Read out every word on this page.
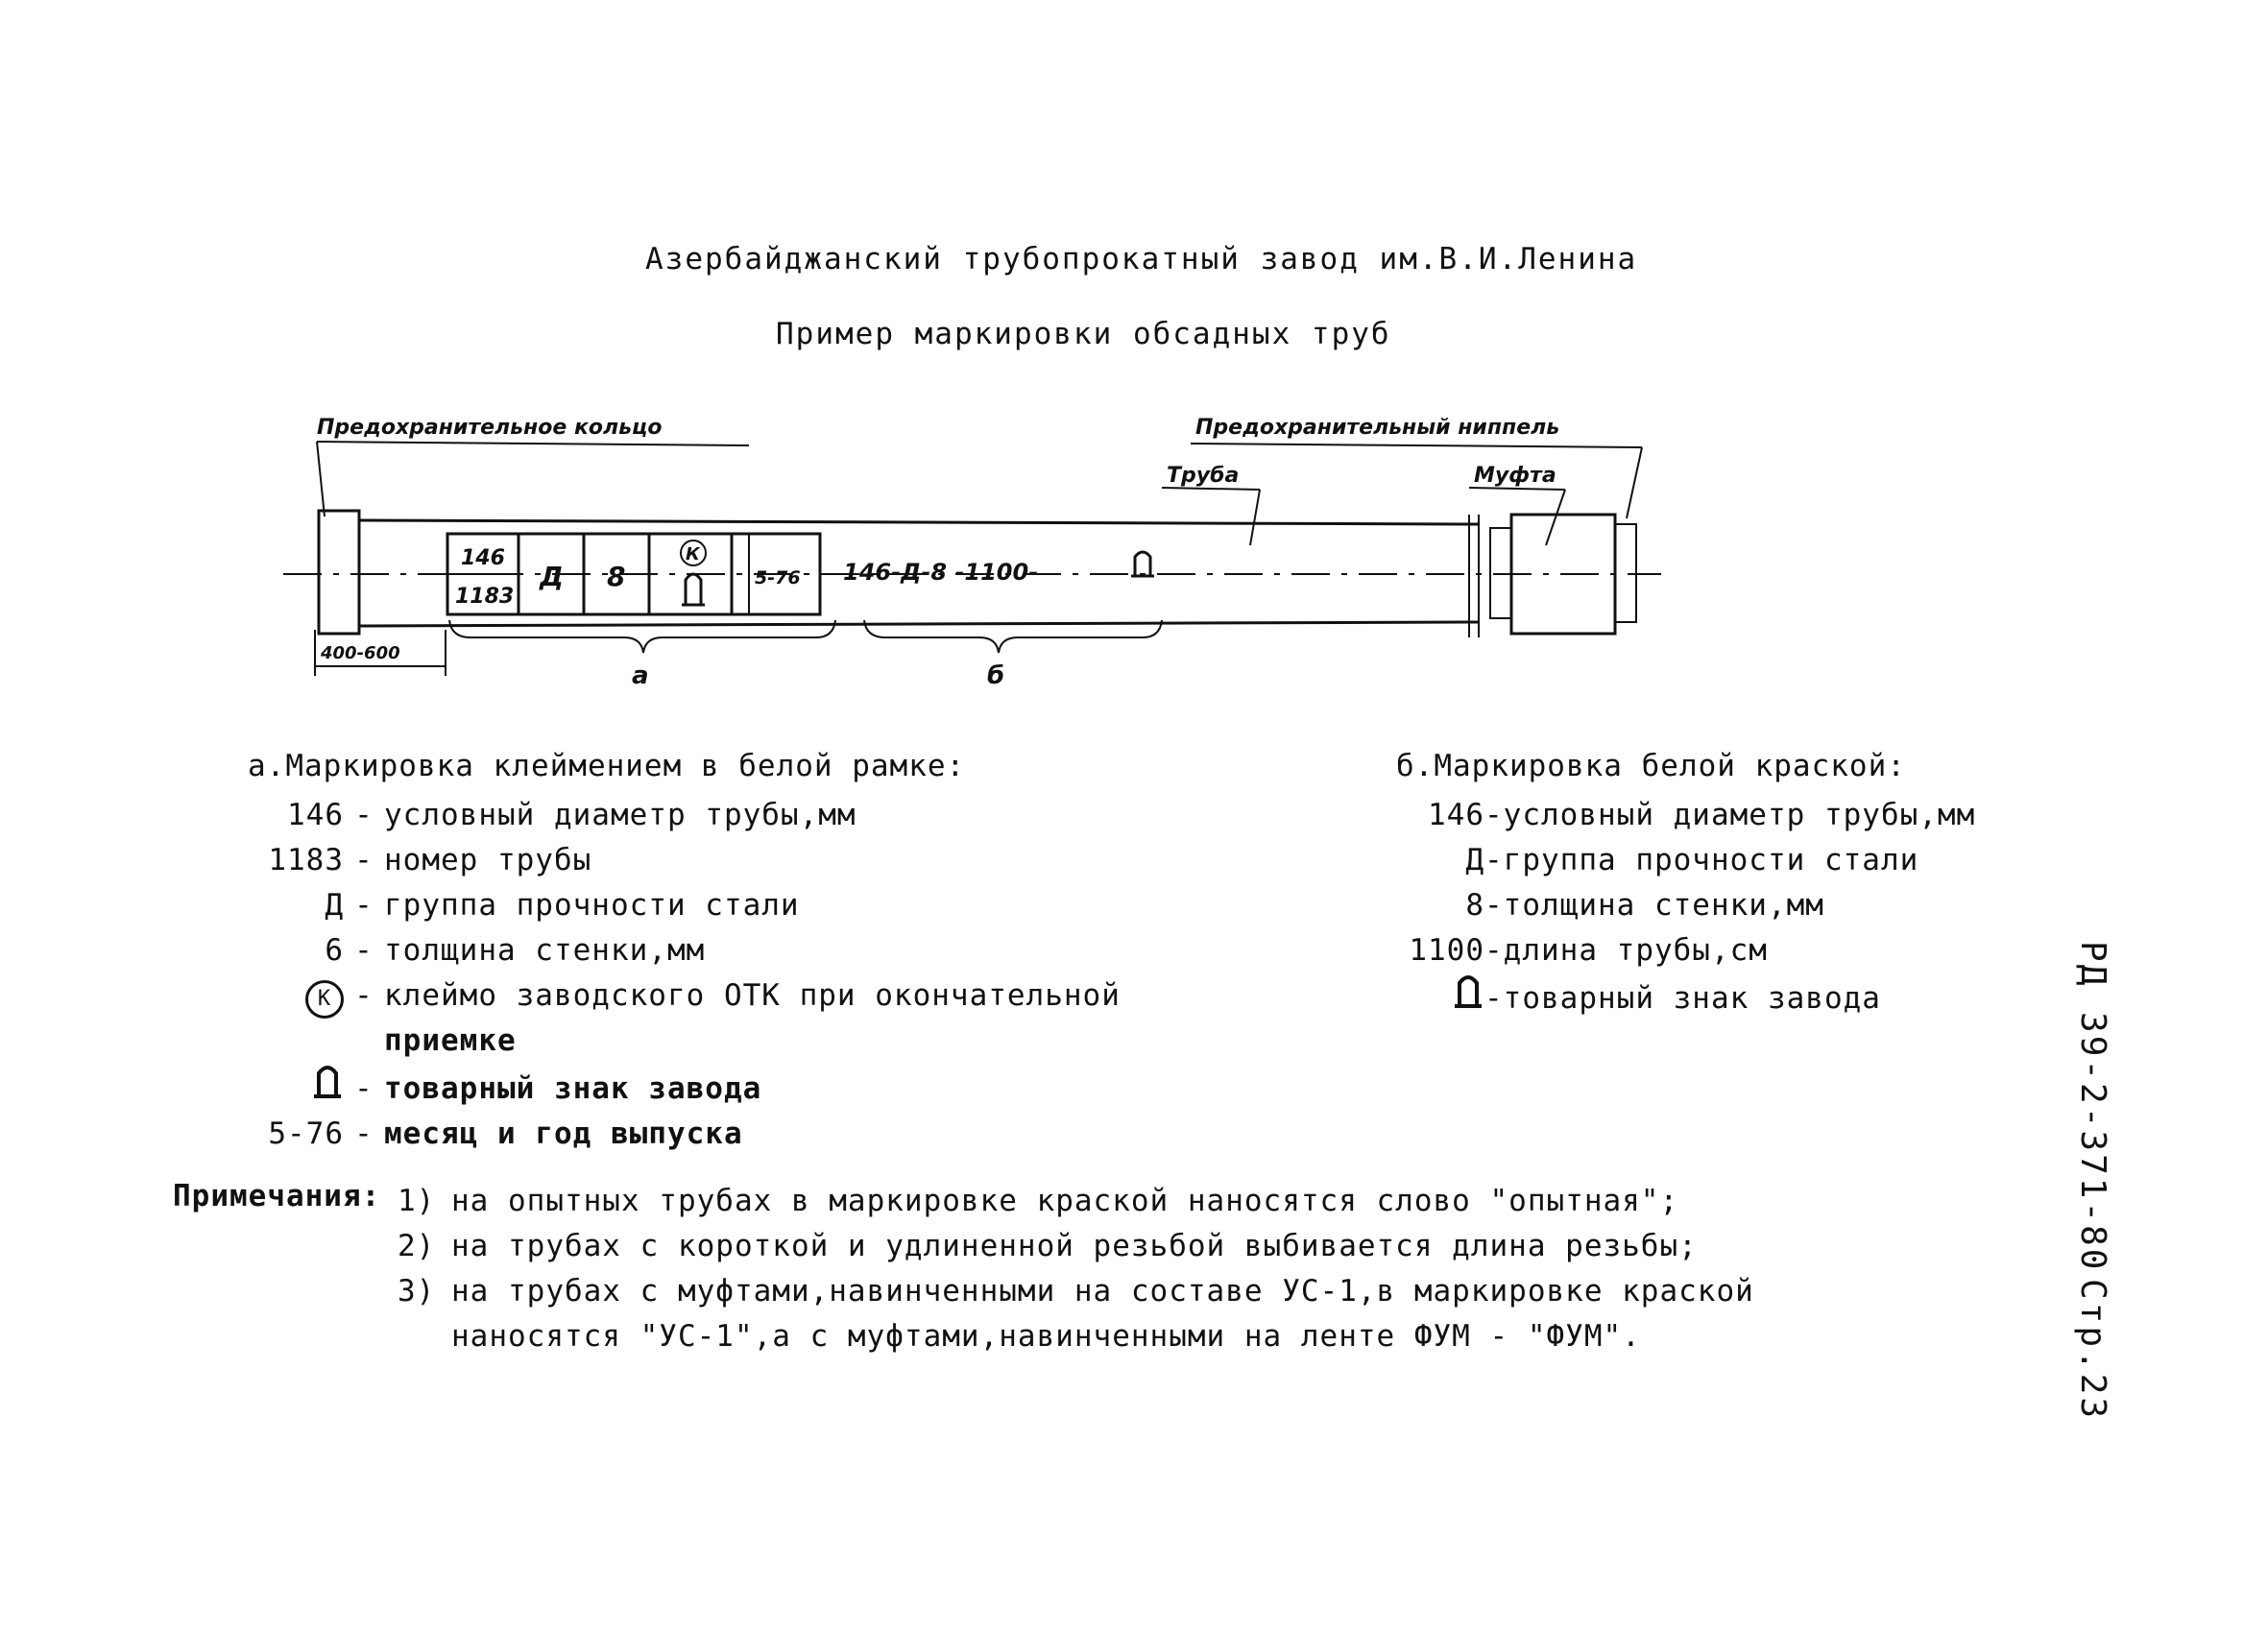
Азербайджанский трубопрокатный завод им.В.И.Ленина
Пример маркировки обсадных труб
Предохранительное кольцо	Предохранительный ниппель
Труба	Муфта
146
1183
Д 8
К
5-76 146-Д-8 -1100-
400-600
а	б
а.Маркировка клеймением в белой рамке:
146 - условный диаметр трубы,мм
1183 - номер трубы
Д - группа прочности стали
6 - толщина стенки,мм
К - клеймо заводского ОТК при окончательной
приемке
- товарный знак завода
5-76 - месяц и год выпуска
б.Маркировка белой краской:
146-условный диаметр трубы,мм
Д-группа прочности стали
8-толщина стенки,мм
1100-длина трубы,см
-товарный знак завода
Примечания: 1) на опытных трубах в маркировке краской наносятся слово "опытная";
2) на трубах с короткой и удлиненной резьбой выбивается длина резьбы;
3) на трубах с муфтами,навинченными на составе УС-1,в маркировке краской
наносятся "УС-1",а с муфтами,навинченными на ленте ФУМ - "ФУМ".
РД 39-2-371-80
Стр.23
